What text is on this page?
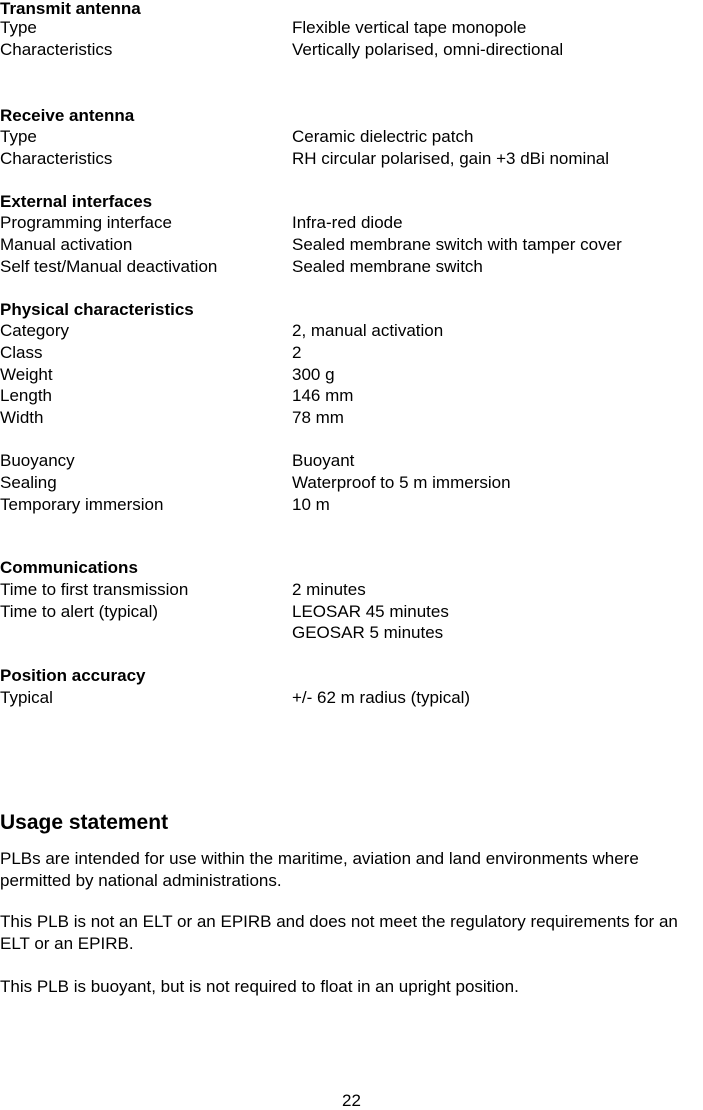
Transmit antenna
Type	Flexible vertical tape monopole
Characteristics	Vertically polarised, omni-directional
Receive antenna
Type	Ceramic dielectric patch
Characteristics	RH circular polarised, gain +3 dBi nominal
External interfaces
Programming interface	Infra-red diode
Manual activation	Sealed membrane switch with tamper cover
Self test/Manual deactivation	Sealed membrane switch
Physical characteristics
Category	2, manual activation
Class	2
Weight	300 g
Length	146 mm
Width	78 mm
Buoyancy	Buoyant
Sealing	Waterproof to 5 m immersion
Temporary immersion	10 m
Communications
Time to first transmission	2 minutes
Time to alert (typical)	LEOSAR 45 minutes
GEOSAR 5 minutes
Position accuracy
Typical	+/- 62 m radius (typical)
Usage statement

PLBs are intended for use within the maritime, aviation and land environments where permitted by national administrations.

This PLB is not an ELT or an EPIRB and does not meet the regulatory requirements for an ELT or an EPIRB.

This PLB is buoyant, but is not required to float in an upright position.

22
